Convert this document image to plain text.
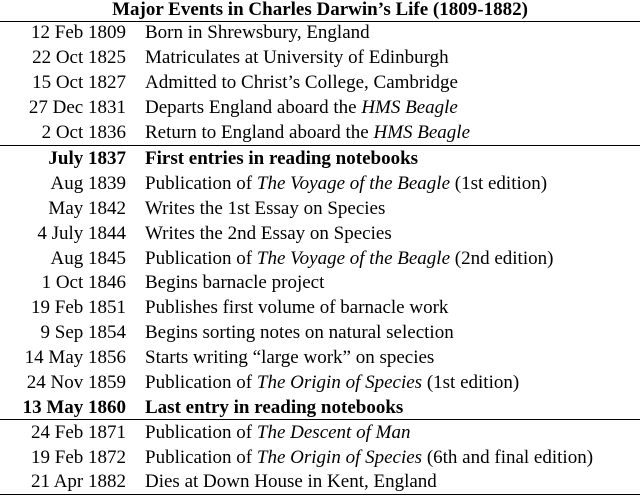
Major Events in Charles Darwin’s Life (1809-1882)
12 Feb 1809 Born in Shrewsbury, England
22 Oct 1825 Matriculates at University of Edinburgh
15 Oct 1827 Admitted to Christ’s College, Cambridge
27 Dec 1831 Departs England aboard the HMS Beagle
2 Oct 1836 Return to England aboard the HMS Beagle
July 1837 First entries in reading notebooks
Aug 1839 Publication of The Voyage of the Beagle (1st edition)
May 1842 Writes the 1st Essay on Species
4 July 1844 Writes the 2nd Essay on Species
Aug 1845 Publication of The Voyage of the Beagle (2nd edition)
1 Oct 1846 Begins barnacle project
19 Feb 1851 Publishes first volume of barnacle work
9 Sep 1854 Begins sorting notes on natural selection
14 May 1856 Starts writing “large work” on species
24 Nov 1859 Publication of The Origin of Species (1st edition)
13 May 1860 Last entry in reading notebooks
24 Feb 1871 Publication of The Descent of Man
19 Feb 1872 Publication of The Origin of Species (6th and final edition)
21 Apr 1882 Dies at Down House in Kent, England
